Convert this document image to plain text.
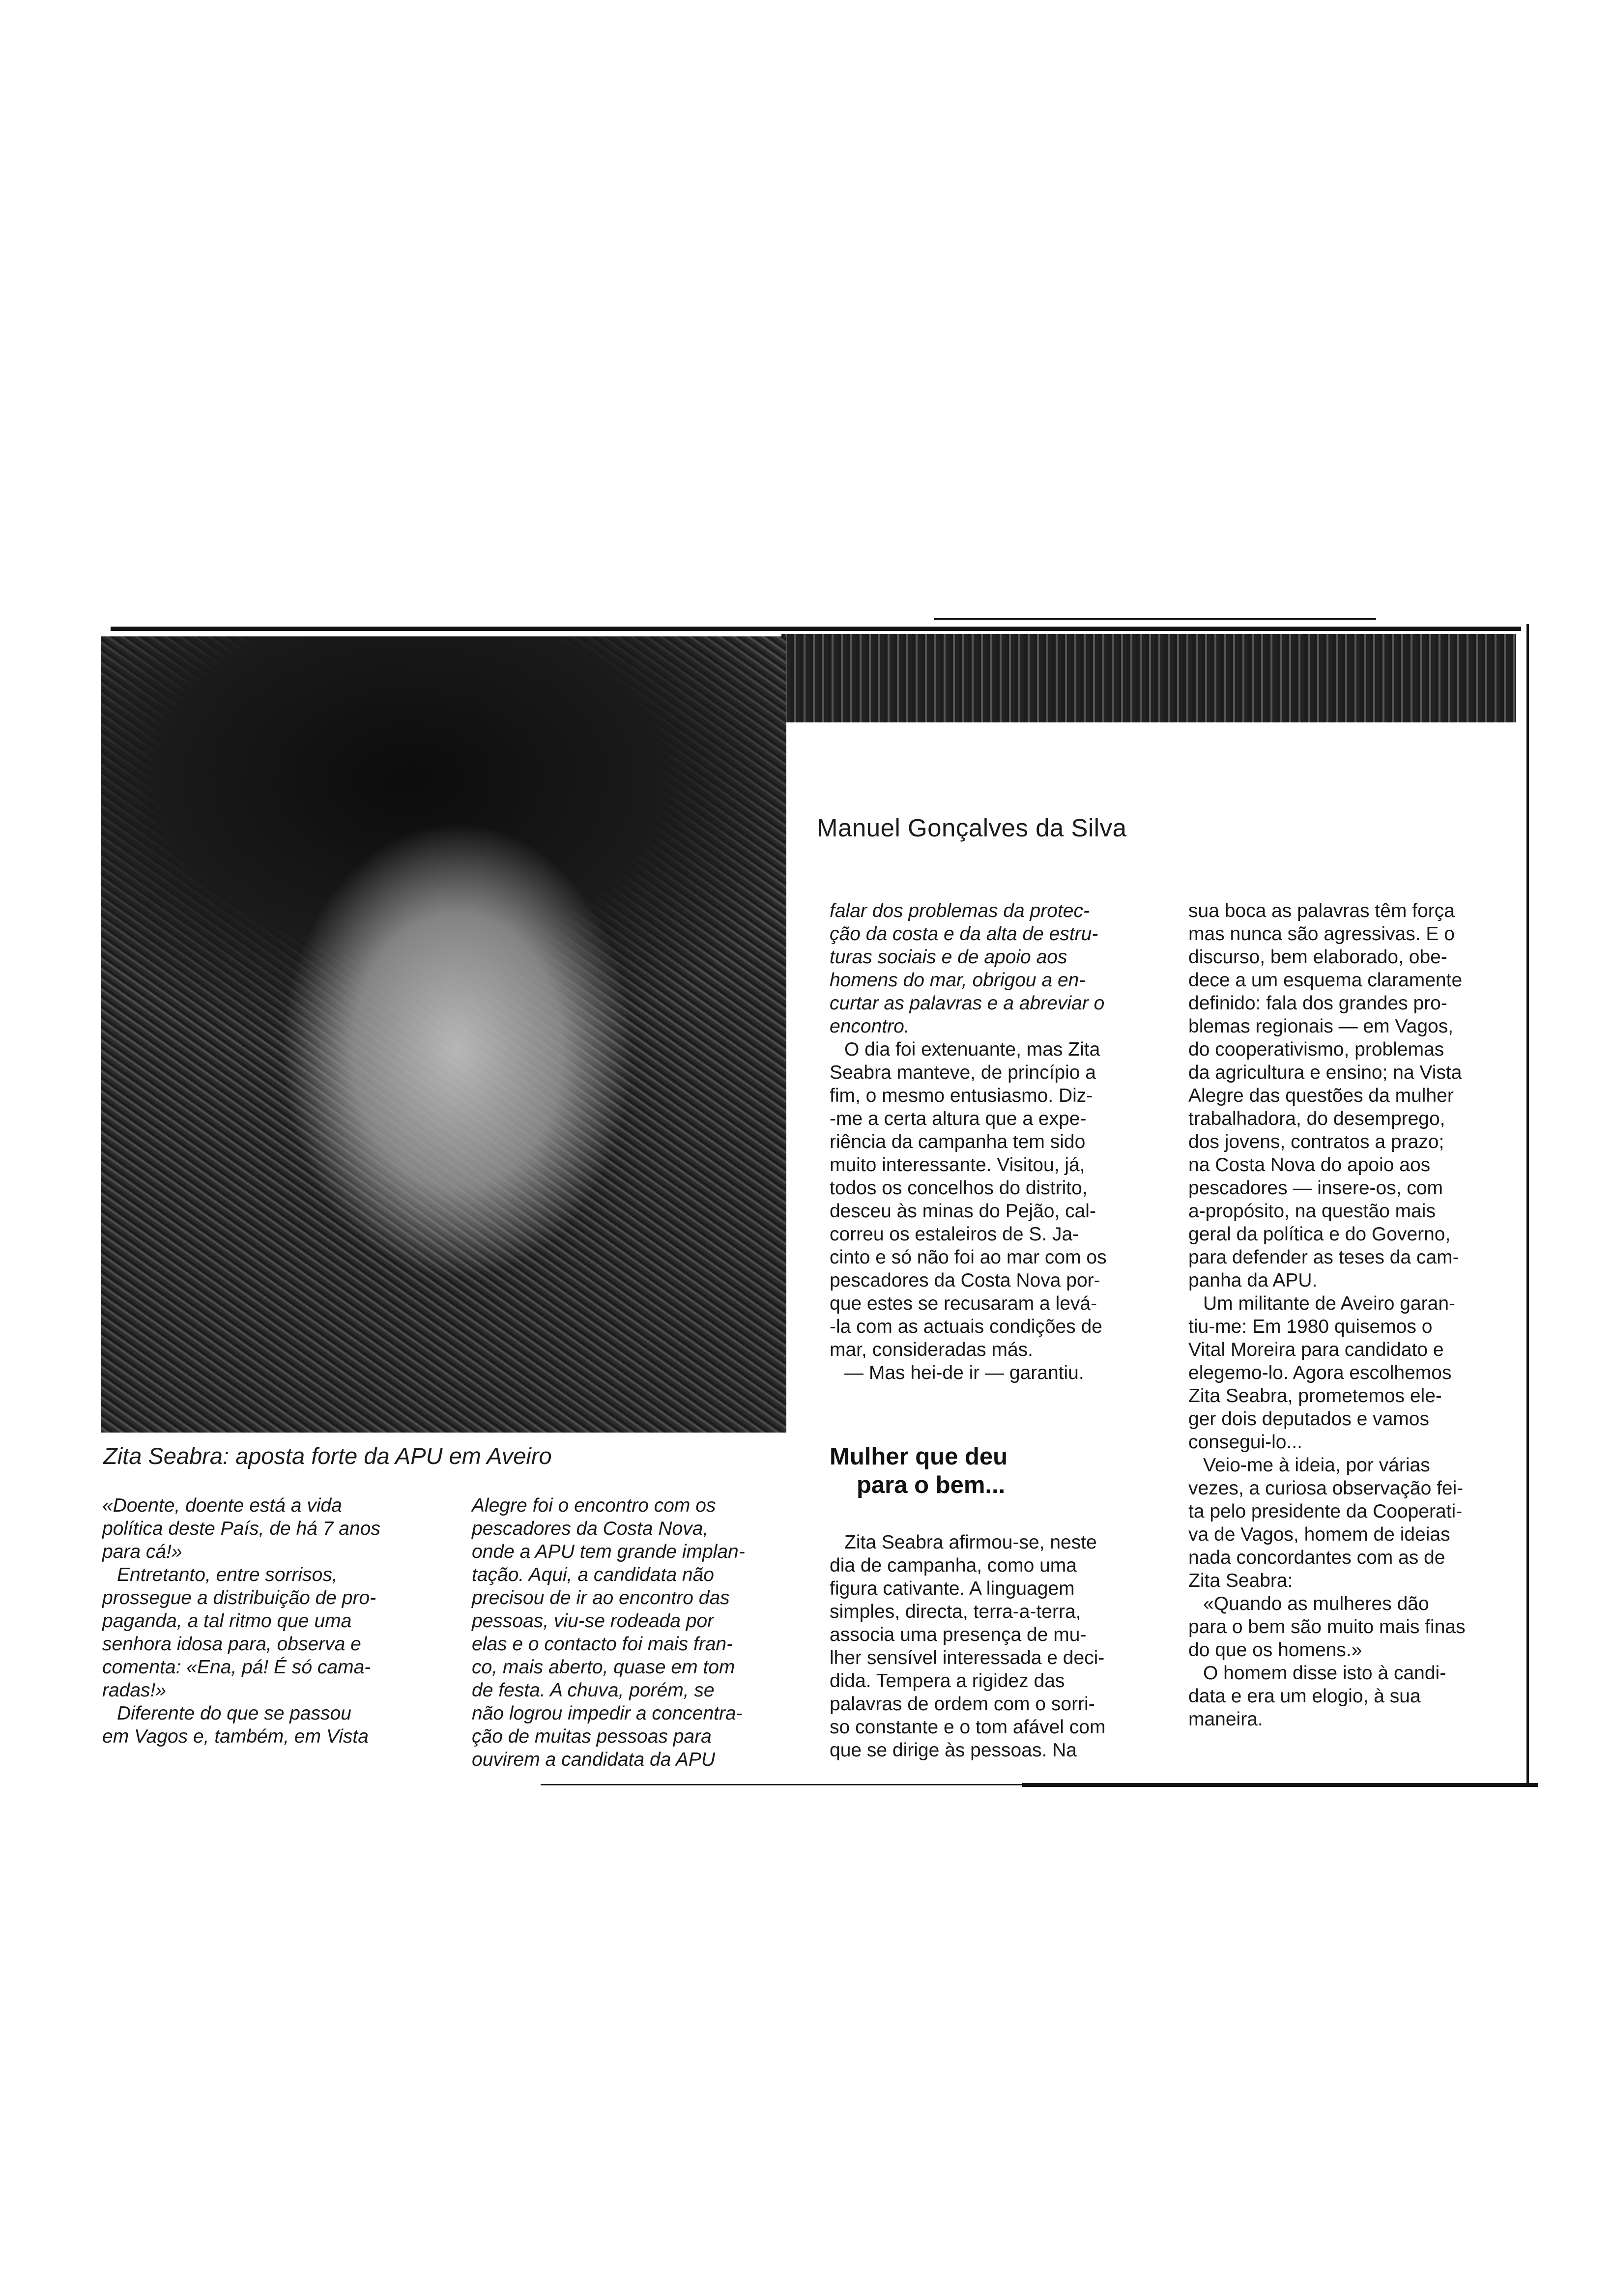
Manuel Gonçalves da Silva
Zita Seabra: aposta forte da APU em Aveiro

«Doente, doente está a vida

política deste País, de há 7 anos

para cá!»

Entretanto, entre sorrisos,

prossegue a distribuição de pro-

paganda, a tal ritmo que uma

senhora idosa para, observa e

comenta: «Ena, pá! É só cama-

radas!»

Diferente do que se passou

em Vagos e, também, em Vista

Alegre foi o encontro com os

pescadores da Costa Nova,

onde a APU tem grande implan-

tação. Aqui, a candidata não

precisou de ir ao encontro das

pessoas, viu-se rodeada por

elas e o contacto foi mais fran-

co, mais aberto, quase em tom

de festa. A chuva, porém, se

não logrou impedir a concentra-

ção de muitas pessoas para

ouvirem a candidata da APU

falar dos problemas da protec-

ção da costa e da alta de estru-

turas sociais e de apoio aos

homens do mar, obrigou a en-

curtar as palavras e a abreviar o

encontro.

O dia foi extenuante, mas Zita

Seabra manteve, de princípio a

fim, o mesmo entusiasmo. Diz-

-me a certa altura que a expe-

riência da campanha tem sido

muito interessante. Visitou, já,

todos os concelhos do distrito,

desceu às minas do Pejão, cal-

correu os estaleiros de S. Ja-

cinto e só não foi ao mar com os

pescadores da Costa Nova por-

que estes se recusaram a levá-

-la com as actuais condições de

mar, consideradas más.

— Mas hei-de ir — garantiu.

Mulher que deu
para o bem...

Zita Seabra afirmou-se, neste

dia de campanha, como uma

figura cativante. A linguagem

simples, directa, terra-a-terra,

associa uma presença de mu-

lher sensível interessada e deci-

dida. Tempera a rigidez das

palavras de ordem com o sorri-

so constante e o tom afável com

que se dirige às pessoas. Na

sua boca as palavras têm força

mas nunca são agressivas. E o

discurso, bem elaborado, obe-

dece a um esquema claramente

definido: fala dos grandes pro-

blemas regionais — em Vagos,

do cooperativismo, problemas

da agricultura e ensino; na Vista

Alegre das questões da mulher

trabalhadora, do desemprego,

dos jovens, contratos a prazo;

na Costa Nova do apoio aos

pescadores — insere-os, com

a-propósito, na questão mais

geral da política e do Governo,

para defender as teses da cam-

panha da APU.

Um militante de Aveiro garan-

tiu-me: Em 1980 quisemos o

Vital Moreira para candidato e

elegemo-lo. Agora escolhemos

Zita Seabra, prometemos ele-

ger dois deputados e vamos

consegui-lo...

Veio-me à ideia, por várias

vezes, a curiosa observação fei-

ta pelo presidente da Cooperati-

va de Vagos, homem de ideias

nada concordantes com as de

Zita Seabra:

«Quando as mulheres dão

para o bem são muito mais finas

do que os homens.»

O homem disse isto à candi-

data e era um elogio, à sua

maneira.
